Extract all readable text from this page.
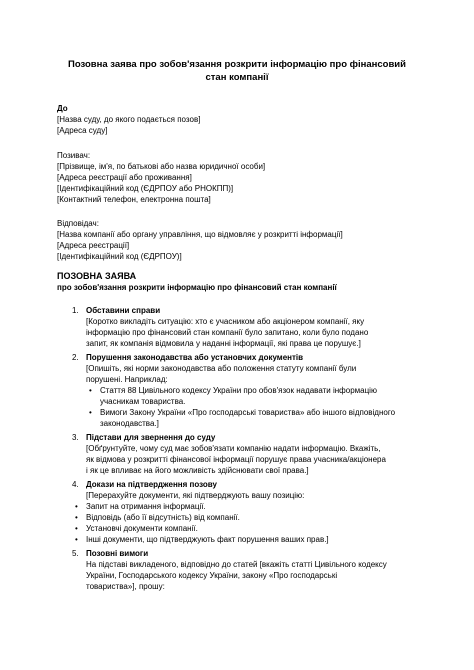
Позовна заява про зобов'язання розкрити інформацію про фінансовий стан компанії
До
[Назва суду, до якого подається позов]
[Адреса суду]
Позивач:
[Прізвище, ім'я, по батькові або назва юридичної особи]
[Адреса реєстрації або проживання]
[Ідентифікаційний код (ЄДРПОУ або РНОКПП)]
[Контактний телефон, електронна пошта]
Відповідач:
[Назва компанії або органу управління, що відмовляє у розкритті інформації]
[Адреса реєстрації]
[Ідентифікаційний код (ЄДРПОУ)]
ПОЗОВНА ЗАЯВА
про зобов'язання розкрити інформацію про фінансовий стан компанії
1. Обставини справи
[Коротко викладіть ситуацію: хто є учасником або акціонером компанії, яку
інформацію про фінансовий стан компанії було запитано, коли було подано
запит, як компанія відмовила у наданні інформації, які права це порушує.]
2. Порушення законодавства або установчих документів
[Опишіть, які норми законодавства або положення статуту компанії були
порушені. Наприклад:
• Стаття 88 Цивільного кодексу України про обов'язок надавати інформацію
учасникам товариства.
• Вимоги Закону України «Про господарські товариства» або іншого відповідного
законодавства.]
3. Підстави для звернення до суду
[Обґрунтуйте, чому суд має зобов'язати компанію надати інформацію. Вкажіть,
як відмова у розкритті фінансової інформації порушує права учасника/акціонера
і як це впливає на його можливість здійснювати свої права.]
4. Докази на підтвердження позову
[Перерахуйте документи, які підтверджують вашу позицію:
• Запит на отримання інформації.
• Відповідь (або її відсутність) від компанії.
• Установчі документи компанії.
• Інші документи, що підтверджують факт порушення ваших прав.]
5. Позовні вимоги
На підставі викладеного, відповідно до статей [вкажіть статті Цивільного кодексу
України, Господарського кодексу України, закону «Про господарські
товариства»], прошу:
